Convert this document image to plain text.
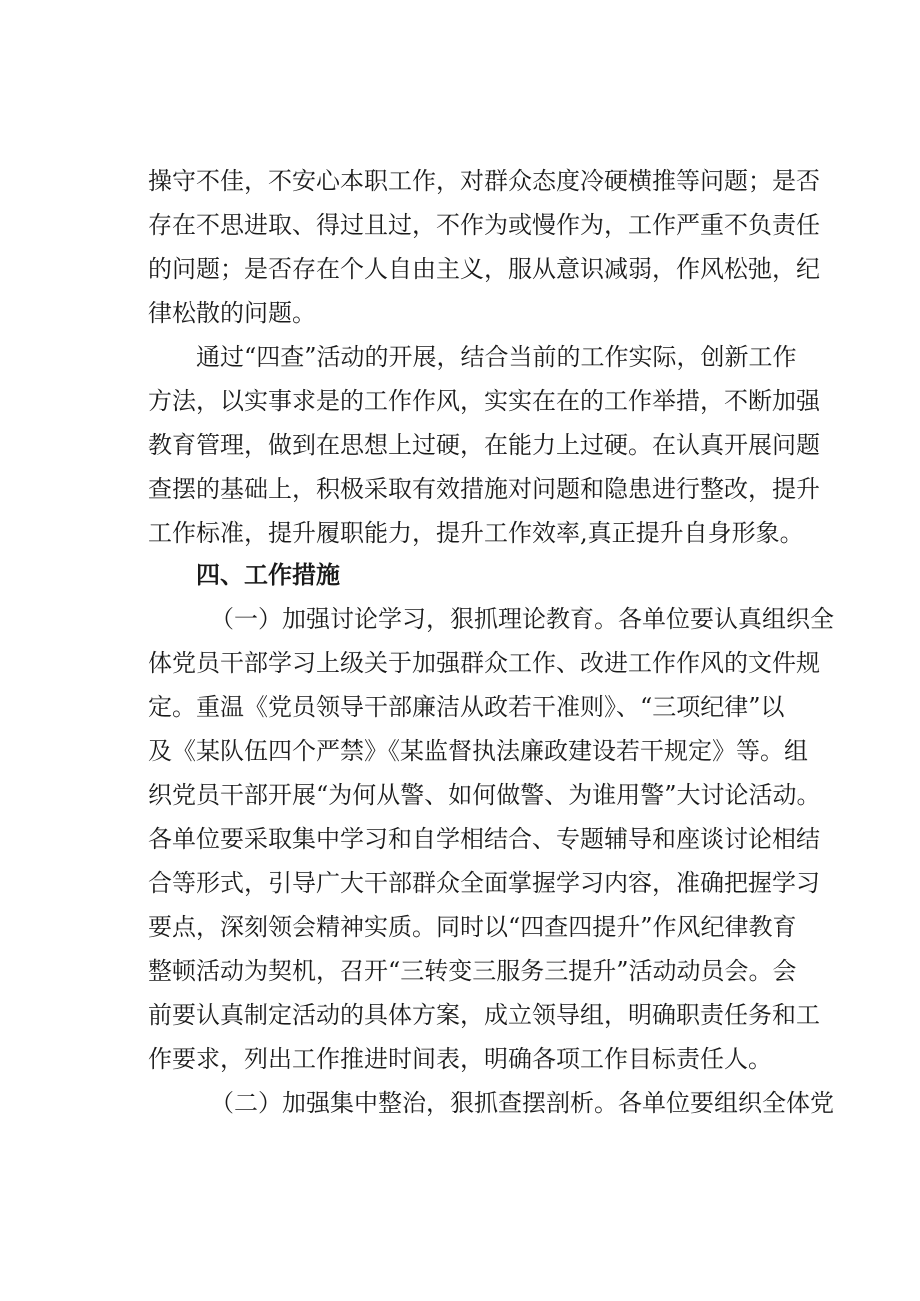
操守不佳，不安心本职工作，对群众态度冷硬横推等问题；是否
存在不思进取、得过且过，不作为或慢作为，工作严重不负责任
的问题；是否存在个人自由主义，服从意识减弱，作风松弛，纪
律松散的问题。
通过“四查”活动的开展，结合当前的工作实际，创新工作
方法，以实事求是的工作作风，实实在在的工作举措，不断加强
教育管理，做到在思想上过硬，在能力上过硬。在认真开展问题
查摆的基础上，积极采取有效措施对问题和隐患进行整改，提升
工作标准，提升履职能力，提升工作效率,真正提升自身形象。
四、工作措施
（一）加强讨论学习，狠抓理论教育。各单位要认真组织全
体党员干部学习上级关于加强群众工作、改进工作作风的文件规
定。重温《党员领导干部廉洁从政若干准则》、“三项纪律”以
及《某队伍四个严禁》《某监督执法廉政建设若干规定》等。组
织党员干部开展“为何从警、如何做警、为谁用警”大讨论活动。
各单位要采取集中学习和自学相结合、专题辅导和座谈讨论相结
合等形式，引导广大干部群众全面掌握学习内容，准确把握学习
要点，深刻领会精神实质。同时以“四查四提升”作风纪律教育
整顿活动为契机，召开“三转变三服务三提升”活动动员会。会
前要认真制定活动的具体方案，成立领导组，明确职责任务和工
作要求，列出工作推进时间表，明确各项工作目标责任人。
（二）加强集中整治，狠抓查摆剖析。各单位要组织全体党
